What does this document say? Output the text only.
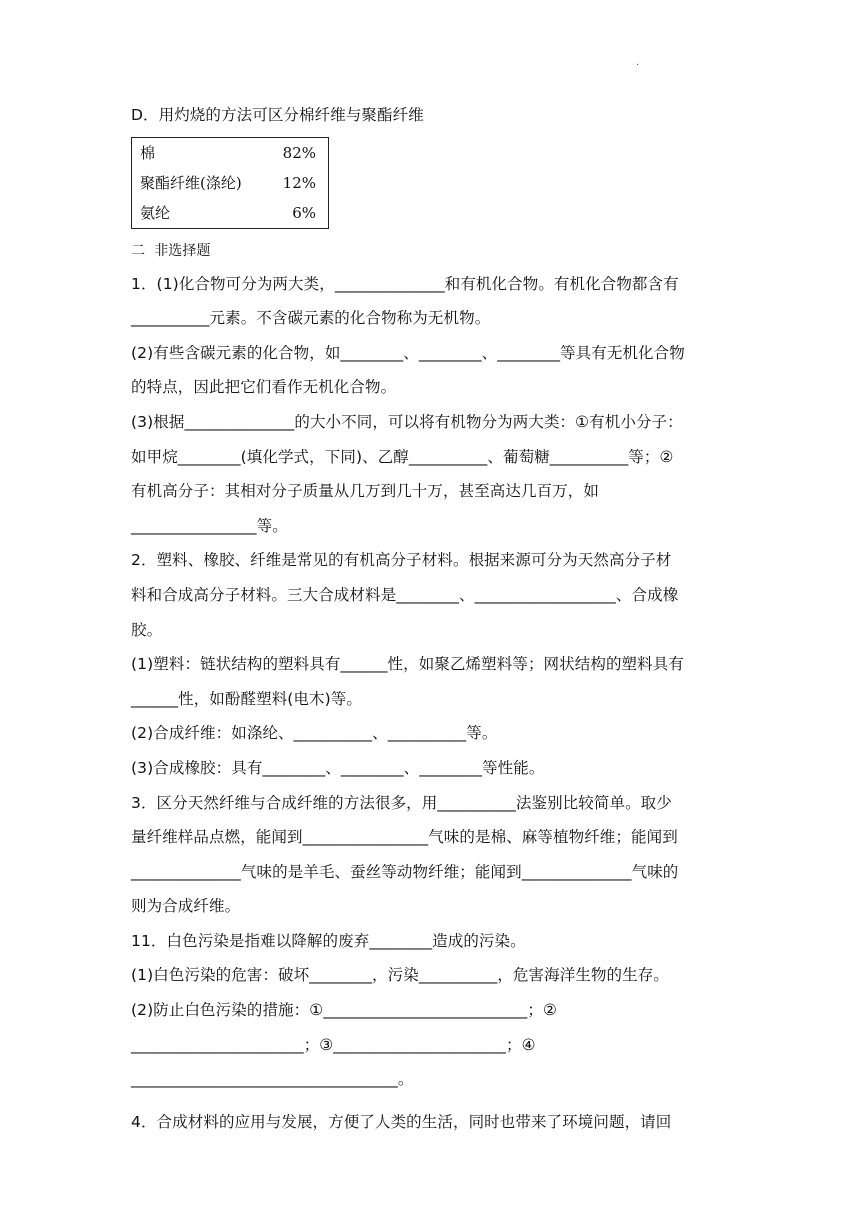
·
D．用灼烧的方法可区分棉纤维与聚酯纤维
棉	82%
聚酯纤维(涤纶)	12%
氨纶	6%
二  非选择题
1．(1)化合物可分为两大类，______________和有机化合物。有机化合物都含有
__________元素。不含碳元素的化合物称为无机物。
(2)有些含碳元素的化合物，如________、________、________等具有无机化合物
的特点，因此把它们看作无机化合物。
(3)根据______________的大小不同，可以将有机物分为两大类：①有机小分子：
如甲烷________(填化学式，下同)、乙醇__________、葡萄糖__________等；②
有机高分子：其相对分子质量从几万到几十万，甚至高达几百万，如
________________等。
2．塑料、橡胶、纤维是常见的有机高分子材料。根据来源可分为天然高分子材
料和合成高分子材料。三大合成材料是________、__________________、合成橡
胶。
(1)塑料：链状结构的塑料具有______性，如聚乙烯塑料等；网状结构的塑料具有
______性，如酚醛塑料(电木)等。
(2)合成纤维：如涤纶、__________、__________等。
(3)合成橡胶：具有________、________、________等性能。
3．区分天然纤维与合成纤维的方法很多，用__________法鉴别比较简单。取少
量纤维样品点燃，能闻到________________气味的是棉、麻等植物纤维；能闻到
______________气味的是羊毛、蚕丝等动物纤维；能闻到______________气味的
则为合成纤维。
11．白色污染是指难以降解的废弃________造成的污染。
(1)白色污染的危害：破坏________，污染__________，危害海洋生物的生存。
(2)防止白色污染的措施：①__________________________；②
______________________；③______________________；④
__________________________________。
4．合成材料的应用与发展，方便了人类的生活，同时也带来了环境问题，请回
